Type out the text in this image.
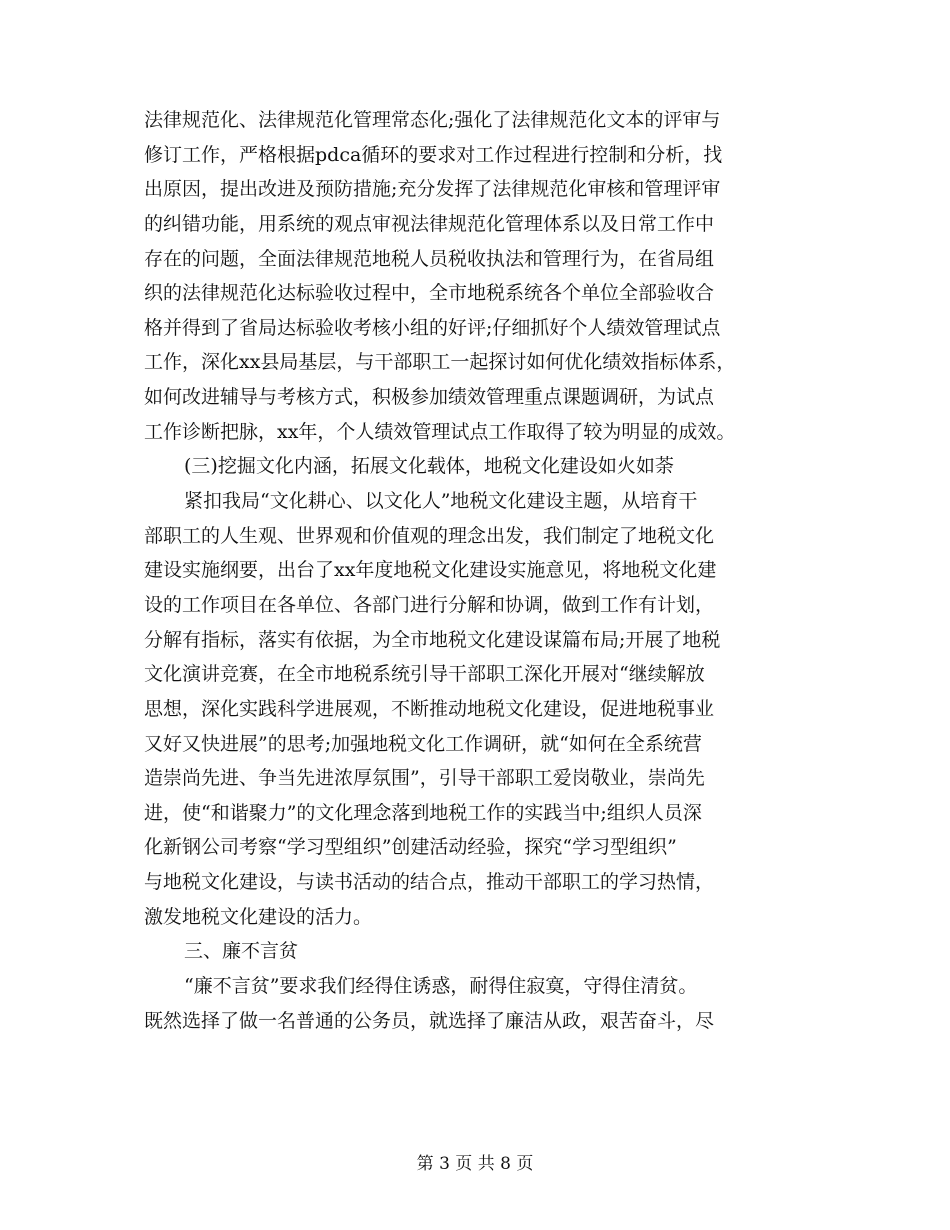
法律规范化、法律规范化管理常态化;强化了法律规范化文本的评审与
修订工作，严格根据pdca循环的要求对工作过程进行控制和分析，找
出原因，提出改进及预防措施;充分发挥了法律规范化审核和管理评审
的纠错功能，用系统的观点审视法律规范化管理体系以及日常工作中
存在的问题，全面法律规范地税人员税收执法和管理行为，在省局组
织的法律规范化达标验收过程中，全市地税系统各个单位全部验收合
格并得到了省局达标验收考核小组的好评;仔细抓好个人绩效管理试点
工作，深化xx县局基层，与干部职工一起探讨如何优化绩效指标体系，
如何改进辅导与考核方式，积极参加绩效管理重点课题调研，为试点
工作诊断把脉，xx年，个人绩效管理试点工作取得了较为明显的成效。
(三)挖掘文化内涵，拓展文化载体，地税文化建设如火如荼
紧扣我局“文化耕心、以文化人”地税文化建设主题，从培育干
部职工的人生观、世界观和价值观的理念出发，我们制定了地税文化
建设实施纲要，出台了xx年度地税文化建设实施意见，将地税文化建
设的工作项目在各单位、各部门进行分解和协调，做到工作有计划，
分解有指标，落实有依据，为全市地税文化建设谋篇布局;开展了地税
文化演讲竞赛，在全市地税系统引导干部职工深化开展对“继续解放
思想，深化实践科学进展观，不断推动地税文化建设，促进地税事业
又好又快进展”的思考;加强地税文化工作调研，就“如何在全系统营
造崇尚先进、争当先进浓厚氛围”，引导干部职工爱岗敬业，崇尚先
进，使“和谐聚力”的文化理念落到地税工作的实践当中;组织人员深
化新钢公司考察“学习型组织”创建活动经验，探究“学习型组织”
与地税文化建设，与读书活动的结合点，推动干部职工的学习热情，
激发地税文化建设的活力。
三、廉不言贫
“廉不言贫”要求我们经得住诱惑，耐得住寂寞，守得住清贫。
既然选择了做一名普通的公务员，就选择了廉洁从政，艰苦奋斗，尽
第 3 页 共 8 页
